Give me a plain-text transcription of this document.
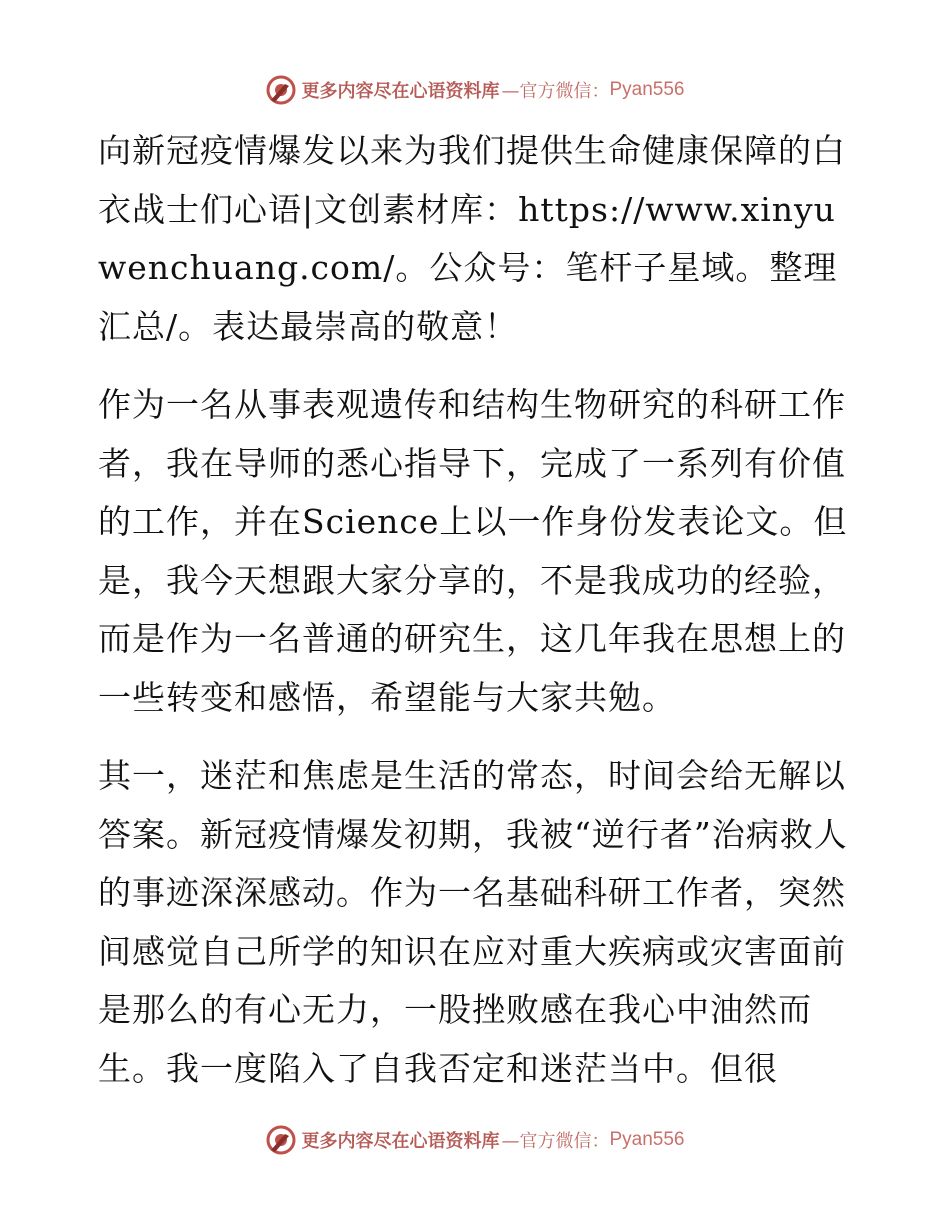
更多内容尽在心语资料库 —官方微信： Pyan556

向新冠疫情爆发以来为我们提供生命健康保障的白衣战士们心语|文创素材库：https://www.xinyuwenchuang.com/。公众号：笔杆子星域。整理汇总/。表达最崇高的敬意！

作为一名从事表观遗传和结构生物研究的科研工作者，我在导师的悉心指导下，完成了一系列有价值的工作，并在Science上以一作身份发表论文。但是，我今天想跟大家分享的，不是我成功的经验，而是作为一名普通的研究生，这几年我在思想上的一些转变和感悟，希望能与大家共勉。

其一，迷茫和焦虑是生活的常态，时间会给无解以答案。新冠疫情爆发初期，我被“逆行者”治病救人的事迹深深感动。作为一名基础科研工作者，突然间感觉自己所学的知识在应对重大疾病或灾害面前是那么的有心无力，一股挫败感在我心中油然而生。我一度陷入了自我否定和迷茫当中。但很

更多内容尽在心语资料库 —官方微信： Pyan556
